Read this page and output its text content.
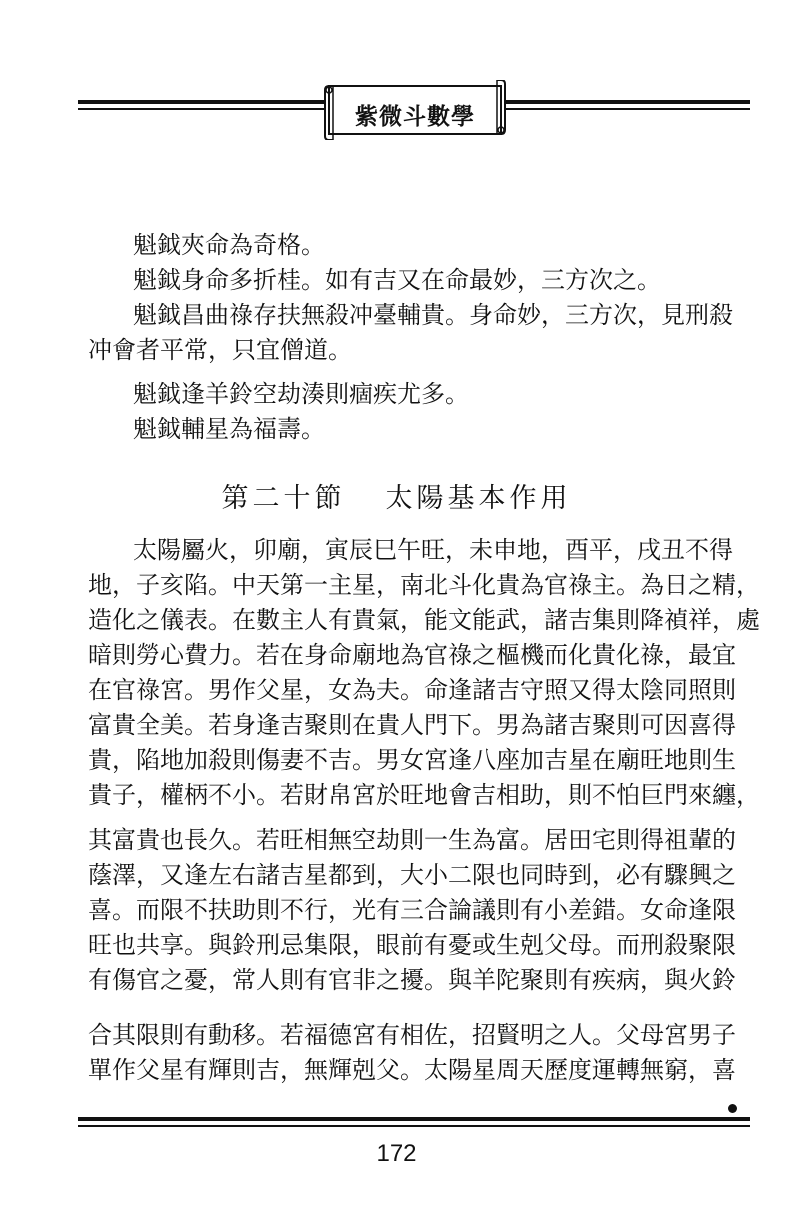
紫微斗數學
魁鉞夾命為奇格。
魁鉞身命多折桂。如有吉又在命最妙，三方次之。
魁鉞昌曲祿存扶無殺冲臺輔貴。身命妙，三方次，見刑殺
冲會者平常，只宜僧道。
魁鉞逢羊鈴空劫湊則痼疾尤多。
魁鉞輔星為福壽。
第二十節 太陽基本作用
太陽屬火，卯廟，寅辰巳午旺，未申地，酉平，戌丑不得
地，子亥陷。中天第一主星，南北斗化貴為官祿主。為日之精，
造化之儀表。在數主人有貴氣，能文能武，諸吉集則降禎祥，處
暗則勞心費力。若在身命廟地為官祿之樞機而化貴化祿，最宜
在官祿宮。男作父星，女為夫。命逢諸吉守照又得太陰同照則
富貴全美。若身逢吉聚則在貴人門下。男為諸吉聚則可因喜得
貴，陷地加殺則傷妻不吉。男女宮逢八座加吉星在廟旺地則生
貴子，權柄不小。若財帛宮於旺地會吉相助，則不怕巨門來纏，
其富貴也長久。若旺相無空劫則一生為富。居田宅則得祖輩的
蔭澤，又逢左右諸吉星都到，大小二限也同時到，必有驟興之
喜。而限不扶助則不行，光有三合論議則有小差錯。女命逢限
旺也共享。與鈴刑忌集限，眼前有憂或生剋父母。而刑殺聚限
有傷官之憂，常人則有官非之擾。與羊陀聚則有疾病，與火鈴
合其限則有動移。若福德宮有相佐，招賢明之人。父母宮男子
單作父星有輝則吉，無輝剋父。太陽星周天歷度運轉無窮，喜
172
